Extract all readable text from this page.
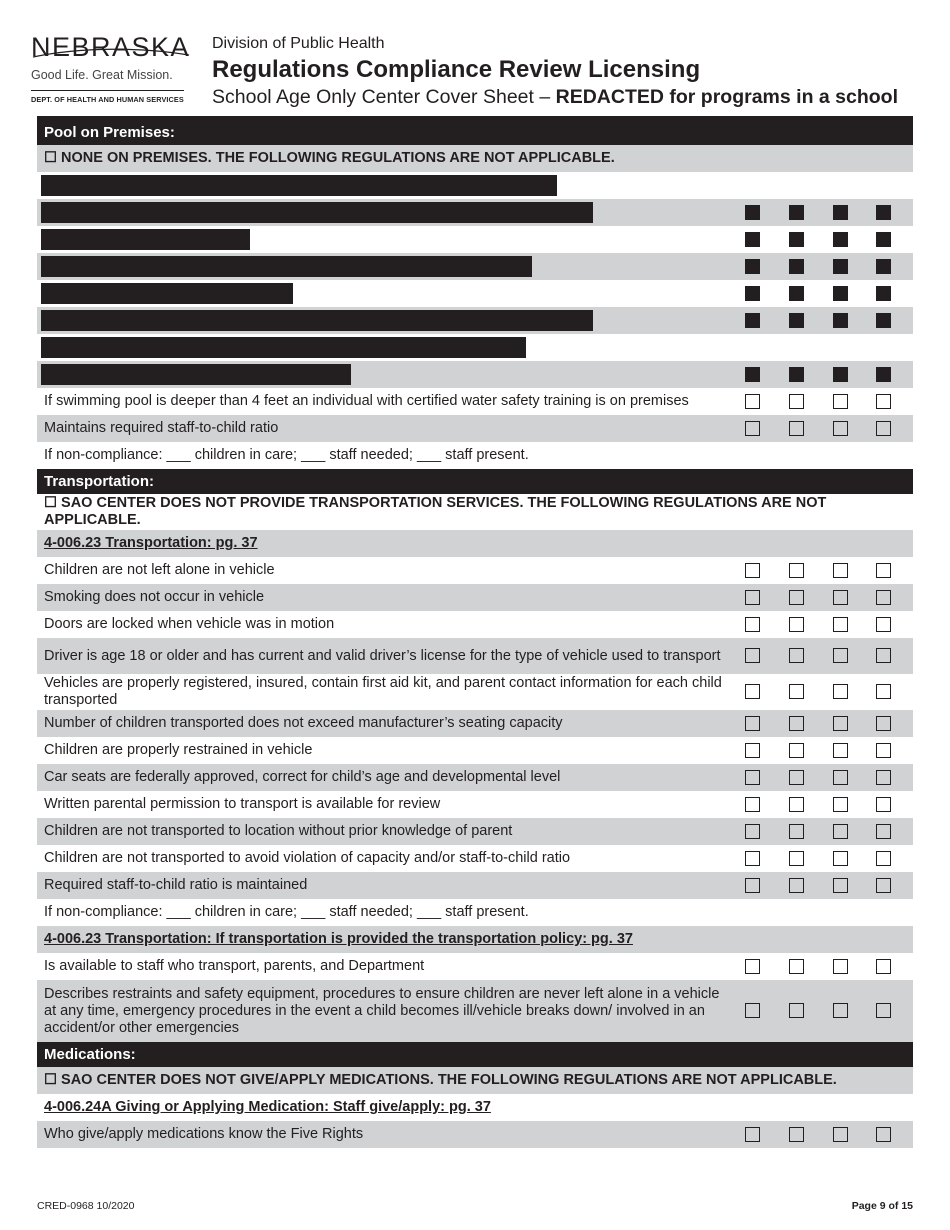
NEBRASKA
Good Life. Great Mission.
DEPT. OF HEALTH AND HUMAN SERVICES
Division of Public Health
Regulations Compliance Review Licensing
School Age Only Center Cover Sheet – REDACTED for programs in a school
Pool on Premises:
☐ NONE ON PREMISES. THE FOLLOWING REGULATIONS ARE NOT APPLICABLE.
If swimming pool is deeper than 4 feet an individual with certified water safety training is on premises
Maintains required staff-to-child ratio
If non-compliance: ___ children in care; ___ staff needed; ___ staff present.
Transportation:
☐ SAO CENTER DOES NOT PROVIDE TRANSPORTATION SERVICES. THE FOLLOWING REGULATIONS ARE NOT APPLICABLE.
4-006.23 Transportation: pg. 37
Children are not left alone in vehicle
Smoking does not occur in vehicle
Doors are locked when vehicle was in motion
Driver is age 18 or older and has current and valid driver’s license for the type of vehicle used to transport
Vehicles are properly registered, insured, contain first aid kit, and parent contact information for each child transported
Number of children transported does not exceed manufacturer’s seating capacity
Children are properly restrained in vehicle
Car seats are federally approved, correct for child’s age and developmental level
Written parental permission to transport is available for review
Children are not transported to location without prior knowledge of parent
Children are not transported to avoid violation of capacity and/or staff-to-child ratio
Required staff-to-child ratio is maintained
If non-compliance: ___ children in care; ___ staff needed; ___ staff present.
4-006.23 Transportation: If transportation is provided the transportation policy: pg. 37
Is available to staff who transport, parents, and Department
Describes restraints and safety equipment, procedures to ensure children are never left alone in a vehicle at any time, emergency procedures in the event a child becomes ill/vehicle breaks down/ involved in an accident/or other emergencies
Medications:
☐ SAO CENTER DOES NOT GIVE/APPLY MEDICATIONS. THE FOLLOWING REGULATIONS ARE NOT APPLICABLE.
4-006.24A Giving or Applying Medication: Staff give/apply: pg. 37
Who give/apply medications know the Five Rights
CRED-0968 10/2020	Page 9 of 15
